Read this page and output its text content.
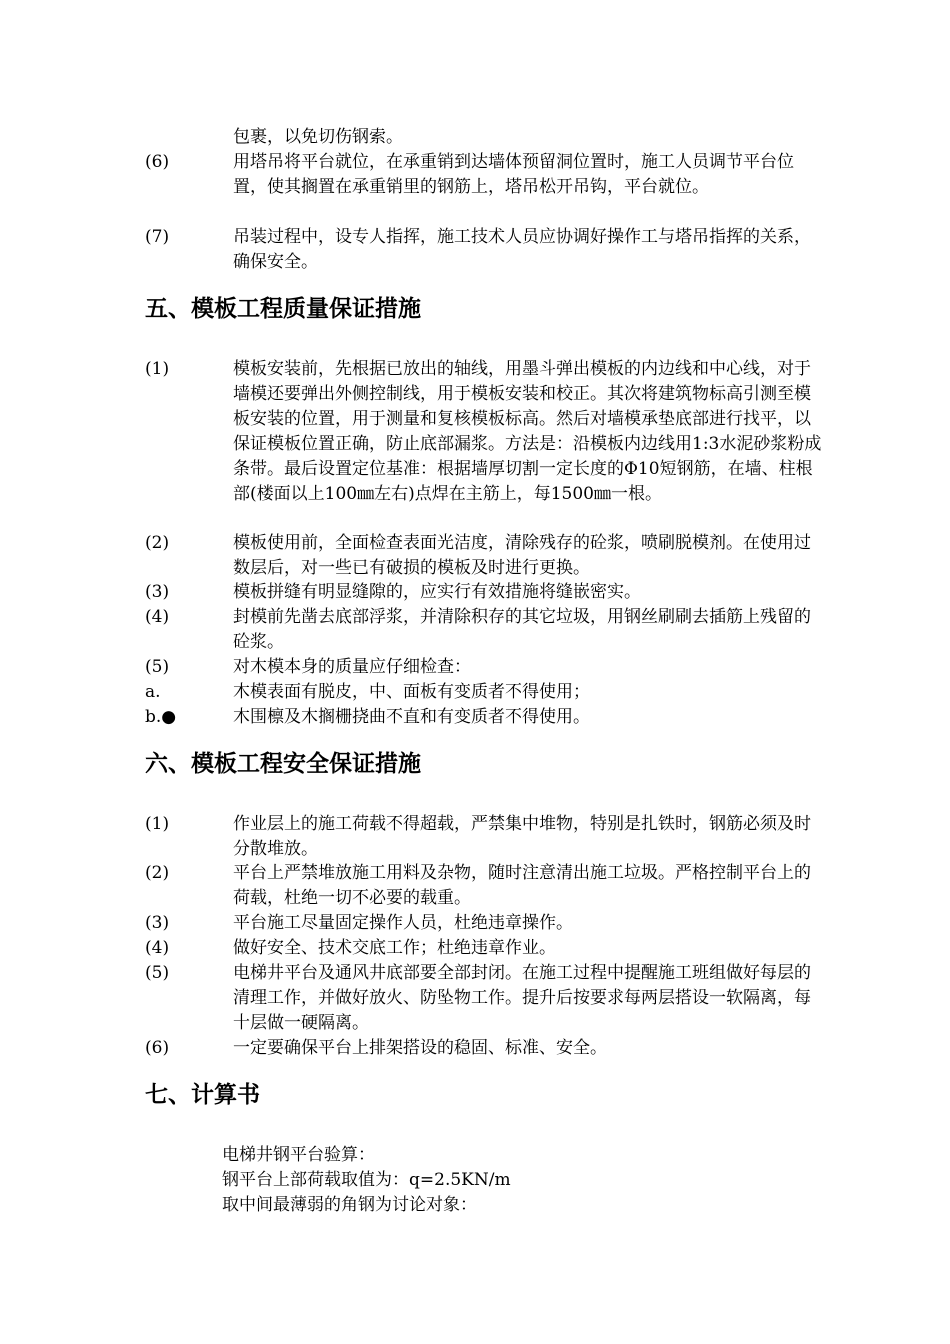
包裹，以免切伤钢索。
(6)	用塔吊将平台就位，在承重销到达墙体预留洞位置时，施工人员调节平台位置，使其搁置在承重销里的钢筋上，塔吊松开吊钩，平台就位。
(7)	吊装过程中，设专人指挥，施工技术人员应协调好操作工与塔吊指挥的关系，确保安全。
五、模板工程质量保证措施
(1)	模板安装前，先根据已放出的轴线，用墨斗弹出模板的内边线和中心线，对于墙模还要弹出外侧控制线，用于模板安装和校正。其次将建筑物标高引测至模板安装的位置，用于测量和复核模板标高。然后对墙模承垫底部进行找平，以保证模板位置正确，防止底部漏浆。方法是：沿模板内边线用1:3水泥砂浆粉成条带。最后设置定位基准：根据墙厚切割一定长度的Φ10短钢筋，在墙、柱根部(楼面以上100㎜左右)点焊在主筋上，每1500㎜一根。
(2)	模板使用前，全面检查表面光洁度，清除残存的砼浆，喷刷脱模剂。在使用过数层后，对一些已有破损的模板及时进行更换。
(3)	模板拼缝有明显缝隙的，应实行有效措施将缝嵌密实。
(4)	封模前先凿去底部浮浆，并清除积存的其它垃圾，用钢丝刷刷去插筋上残留的砼浆。
(5)	对木模本身的质量应仔细检查：
a.	木模表面有脱皮，中、面板有变质者不得使用；
b.●	木围檩及木搁栅挠曲不直和有变质者不得使用。
六、模板工程安全保证措施
(1)	作业层上的施工荷载不得超载，严禁集中堆物，特别是扎铁时，钢筋必须及时分散堆放。
(2)	平台上严禁堆放施工用料及杂物，随时注意清出施工垃圾。严格控制平台上的荷载，杜绝一切不必要的载重。
(3)	平台施工尽量固定操作人员，杜绝违章操作。
(4)	做好安全、技术交底工作；杜绝违章作业。
(5)	电梯井平台及通风井底部要全部封闭。在施工过程中提醒施工班组做好每层的清理工作，并做好放火、防坠物工作。提升后按要求每两层搭设一软隔离，每十层做一硬隔离。
(6)	一定要确保平台上排架搭设的稳固、标准、安全。
七、计算书
电梯井钢平台验算：
钢平台上部荷载取值为：q=2.5KN/m
取中间最薄弱的角钢为讨论对象：
